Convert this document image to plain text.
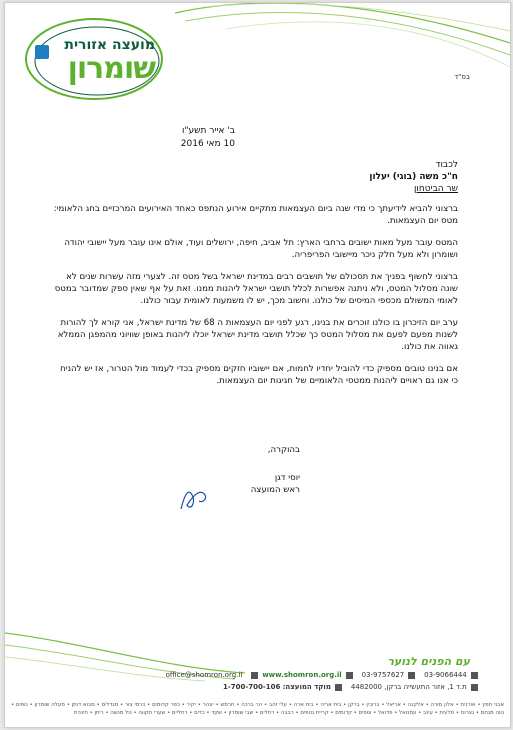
מועצה אזורית
שומרון	בס"ד
ב' אייר תשע"ו
10 מאי 2016
לכבוד
ח"כ משה (בוגי) יעלון
שר הביטחון

ברצוני להביא לידיעתך כי מדי שנה ביום העצמאות מתקיים אירוע הנתפס כאחד האירועים המרכזיים בחג הלאומי: מטס יום העצמאות.

המטס עובר מעל מאות ישובים ברחבי הארץ: תל אביב, חיפה, ירושלים ועוד, אולם אינו עובר מעל יישובי יהודה ושומרון ולא מעל חלק ניכר מיישובי הפריפריה.

ברצוני לחשוף בפניך את תסכולם של תושבים רבים במדינת ישראל בשל מטס זה. לצערי מזה עשרות שנים לא שונה מסלול המטס, ולא ניתנה אפשרות לכלל תושבי ישראל ליהנות ממנו. זאת על אף שאין ספק שמדובר במטס לאומי המשולם מכספי המיסים של כולנו. וחשוב מכך, יש לו משמעות לאומית עבור כולנו.

ערב יום הזיכרון בו כולנו זוכרים את בנינו, רגע לפני יום העצמאות ה 68 של מדינת ישראל, אני קורא לך להורות לשנות מפעם לפעם את מסלול המטס כך שכלל תושבי מדינת ישראל יוכלו ליהנות באופן שוויוני מהמפגן הממלא גאווה את כולנו.

אם בנינו טובים מספיק כדי להוביל יחדיו לחמות, אם יישוביו חזקים מספיק בכדי לעמוד מול הטרור, אז יש להניח כי אנו גם ראויים ליהנות ממטסי הלאומיים של חגיגות יום העצמאות.

בהוקרה,
יוסי דגן
ראש המועצה
עם הפנים לנוער
03-9066444    03-9757627    office@shomron.org.il	www.shomron.org.il
ת.ד 1, אזור התעשייה ברקן, 4482000    מוקד המועצה: 1-700-700-106
אבני חפץ • אורנית • אלון מורה • אלקנה • אריאל • ברוכין • ברקן • בית אריה • בית ארה • עלי זהב • הר ברכה • חרמש • יצהר • יקיר • כפר קדומים • כרמי צור • מגדלים • מבוא דותן • מעלה שומרון • נופים • נווה מנחם • נצרות • סלעית • עינב • עמנואל • פדואל • צופים • קדומים • קריית נטפים • רבבה • רחלים • שבי שומרון • שקד • כדים • רחליים • שערי תקווה • טל מנשה • ריחן • חיננית
